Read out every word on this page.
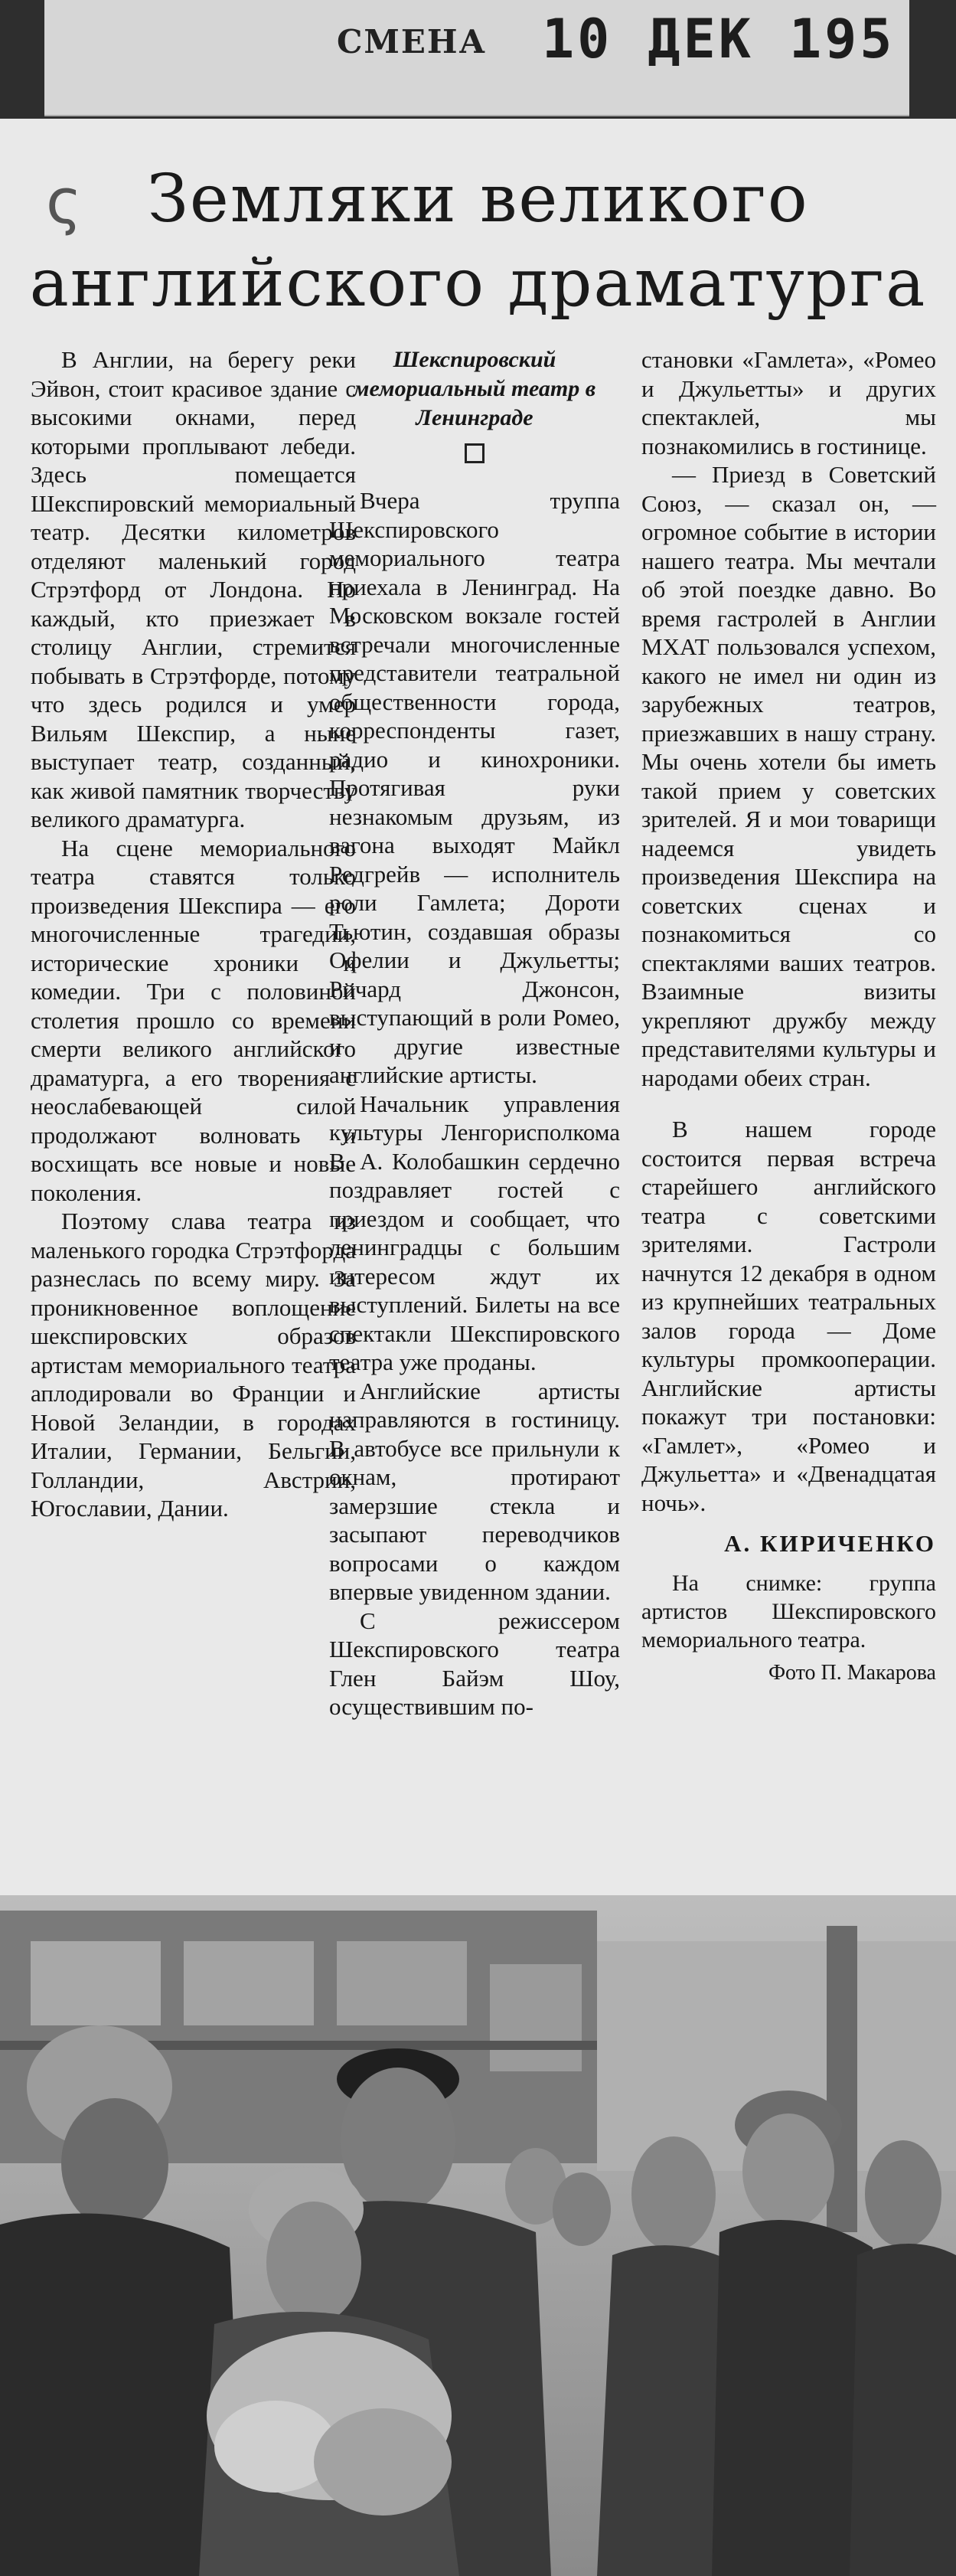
СМЕНА 10 ДЕК 195
ς Земляки великого
английского драматурга

В Англии, на берегу реки Эйвон, стоит красивое здание с высокими окнами, перед которыми проплывают лебеди. Здесь помещается Шекспировский мемориальный театр. Десятки километров отделяют маленький город Стрэтфорд от Лондона. Но каждый, кто приезжает в столицу Англии, стремится побывать в Стрэтфорде, потому что здесь родился и умер Вильям Шекспир, а ныне выступает театр, созданный, как живой памятник творчеству великого драматурга.

На сцене мемориального театра ставятся только произведения Шекспира — его многочисленные трагедии, исторические хроники и комедии. Три с половиной столетия прошло со времени смерти великого английского драматурга, а его творения с неослабевающей силой продолжают волновать и восхищать все новые и новые поколения.

Поэтому слава театра из маленького городка Стрэтфорда разнеслась по всему миру. За проникновенное воплощение шекспировских образов артистам мемориального театра аплодировали во Франции и Новой Зеландии, в городах Италии, Германии, Бельгии, Голландии, Австрии, Югославии, Дании.

Шекспировский мемориальный театр в Ленинграде

Вчера труппа Шекспировского мемориального театра приехала в Ленинград. На Московском вокзале гостей встречали многочисленные представители театральной общественности города, корреспонденты газет, радио и кинохроники. Протягивая руки незнакомым друзьям, из вагона выходят Майкл Редгрейв — исполнитель роли Гамлета; Дороти Тьютин, создавшая образы Офелии и Джульетты; Ричард Джонсон, выступающий в роли Ромео, и другие известные английские артисты.

Начальник управления культуры Ленгорисполкома В. А. Колобашкин сердечно поздравляет гостей с приездом и сообщает, что ленинградцы с большим интересом ждут их выступлений. Билеты на все спектакли Шекспировского театра уже проданы.

Английские артисты направляются в гостиницу. В автобусе все прильнули к окнам, протирают замерзшие стекла и засыпают переводчиков вопросами о каждом впервые увиденном здании.

С режиссером Шекспировского театра Глен Байэм Шоу, осуществившим по-

становки «Гамлета», «Ромео и Джульетты» и других спектаклей, мы познакомились в гостинице.

— Приезд в Советский Союз, — сказал он, — огромное событие в истории нашего театра. Мы мечтали об этой поездке давно. Во время гастролей в Англии МХАТ пользовался успехом, какого не имел ни один из зарубежных театров, приезжавших в нашу страну. Мы очень хотели бы иметь такой прием у советских зрителей. Я и мои товарищи надеемся увидеть произведения Шекспира на советских сценах и познакомиться со спектаклями ваших театров. Взаимные визиты укрепляют дружбу между представителями культуры и народами обеих стран.

В нашем городе состоится первая встреча старейшего английского театра с советскими зрителями. Гастроли начнутся 12 декабря в одном из крупнейших театральных залов города — Доме культуры промкооперации. Английские артисты покажут три постановки: «Гамлет», «Ромео и Джульетта» и «Двенадцатая ночь».

А. КИРИЧЕНКО

На снимке: группа артистов Шекспировского мемориального театра.

Фото П. Макарова
